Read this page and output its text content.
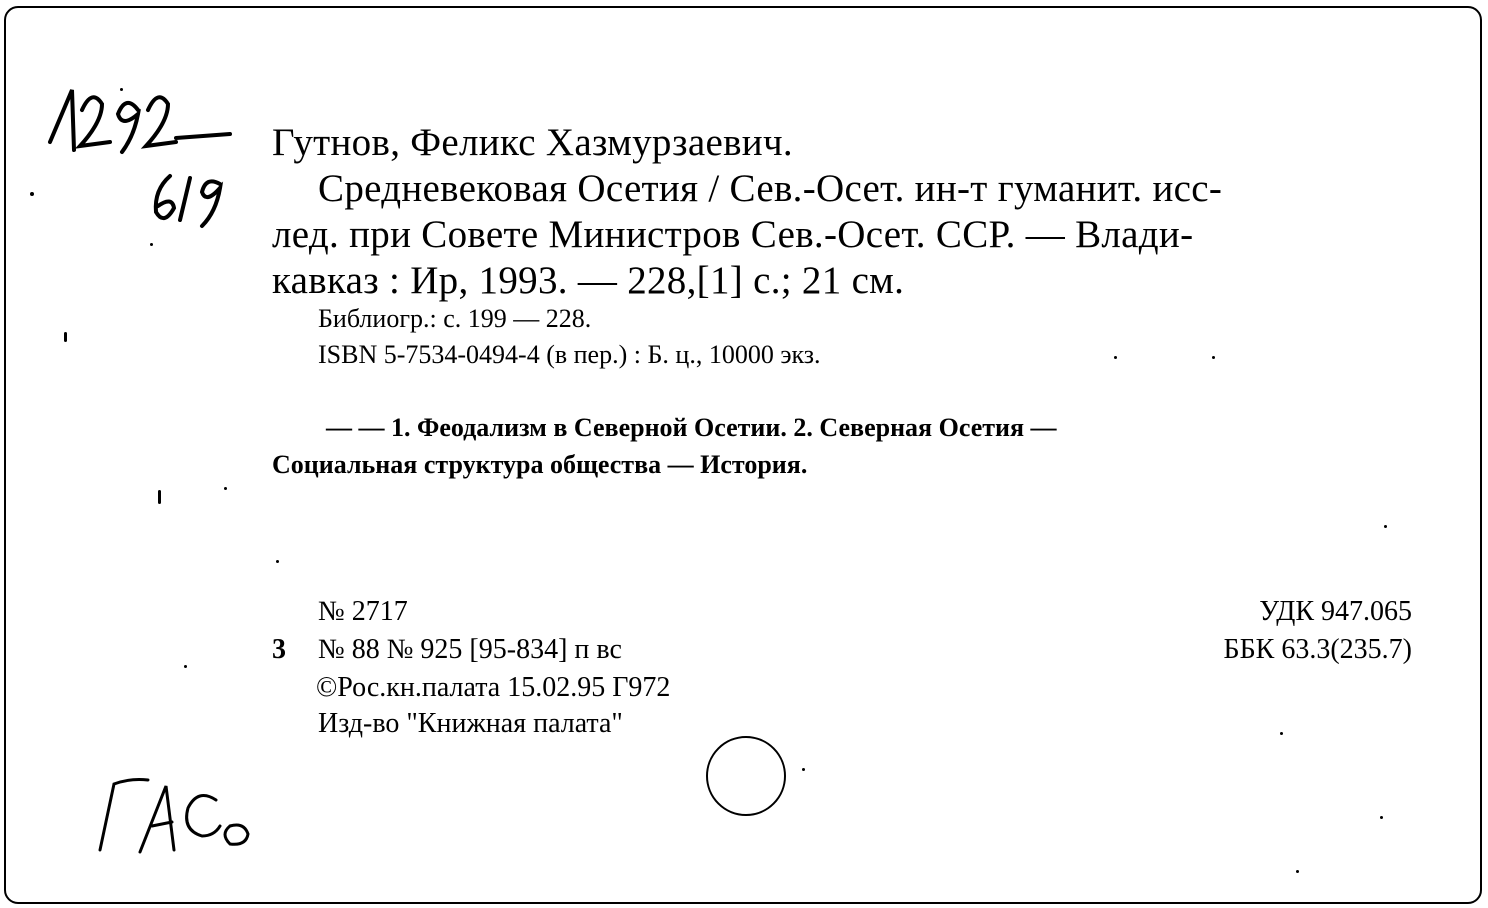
Гутнов, Феликс Хазмурзаевич.
Средневековая Осетия / Сев.-Осет. ин-т гуманит. исс-
лед. при Совете Министров Сев.-Осет. ССР. — Влади-
кавказ : Ир, 1993. — 228,[1] с.; 21 см.
Библиогр.: с. 199 — 228.
ISBN 5-7534-0494-4 (в пер.) : Б. ц., 10000 экз.
— — 1. Феодализм в Северной Осетии. 2. Северная Осетия —
Социальная структура общества — История.
№ 2717
3 № 88 № 925 [95-834] п вс
©Рос.кн.палата 15.02.95 Г972
Изд-во "Книжная палата"
УДК 947.065
ББК 63.3(235.7)
